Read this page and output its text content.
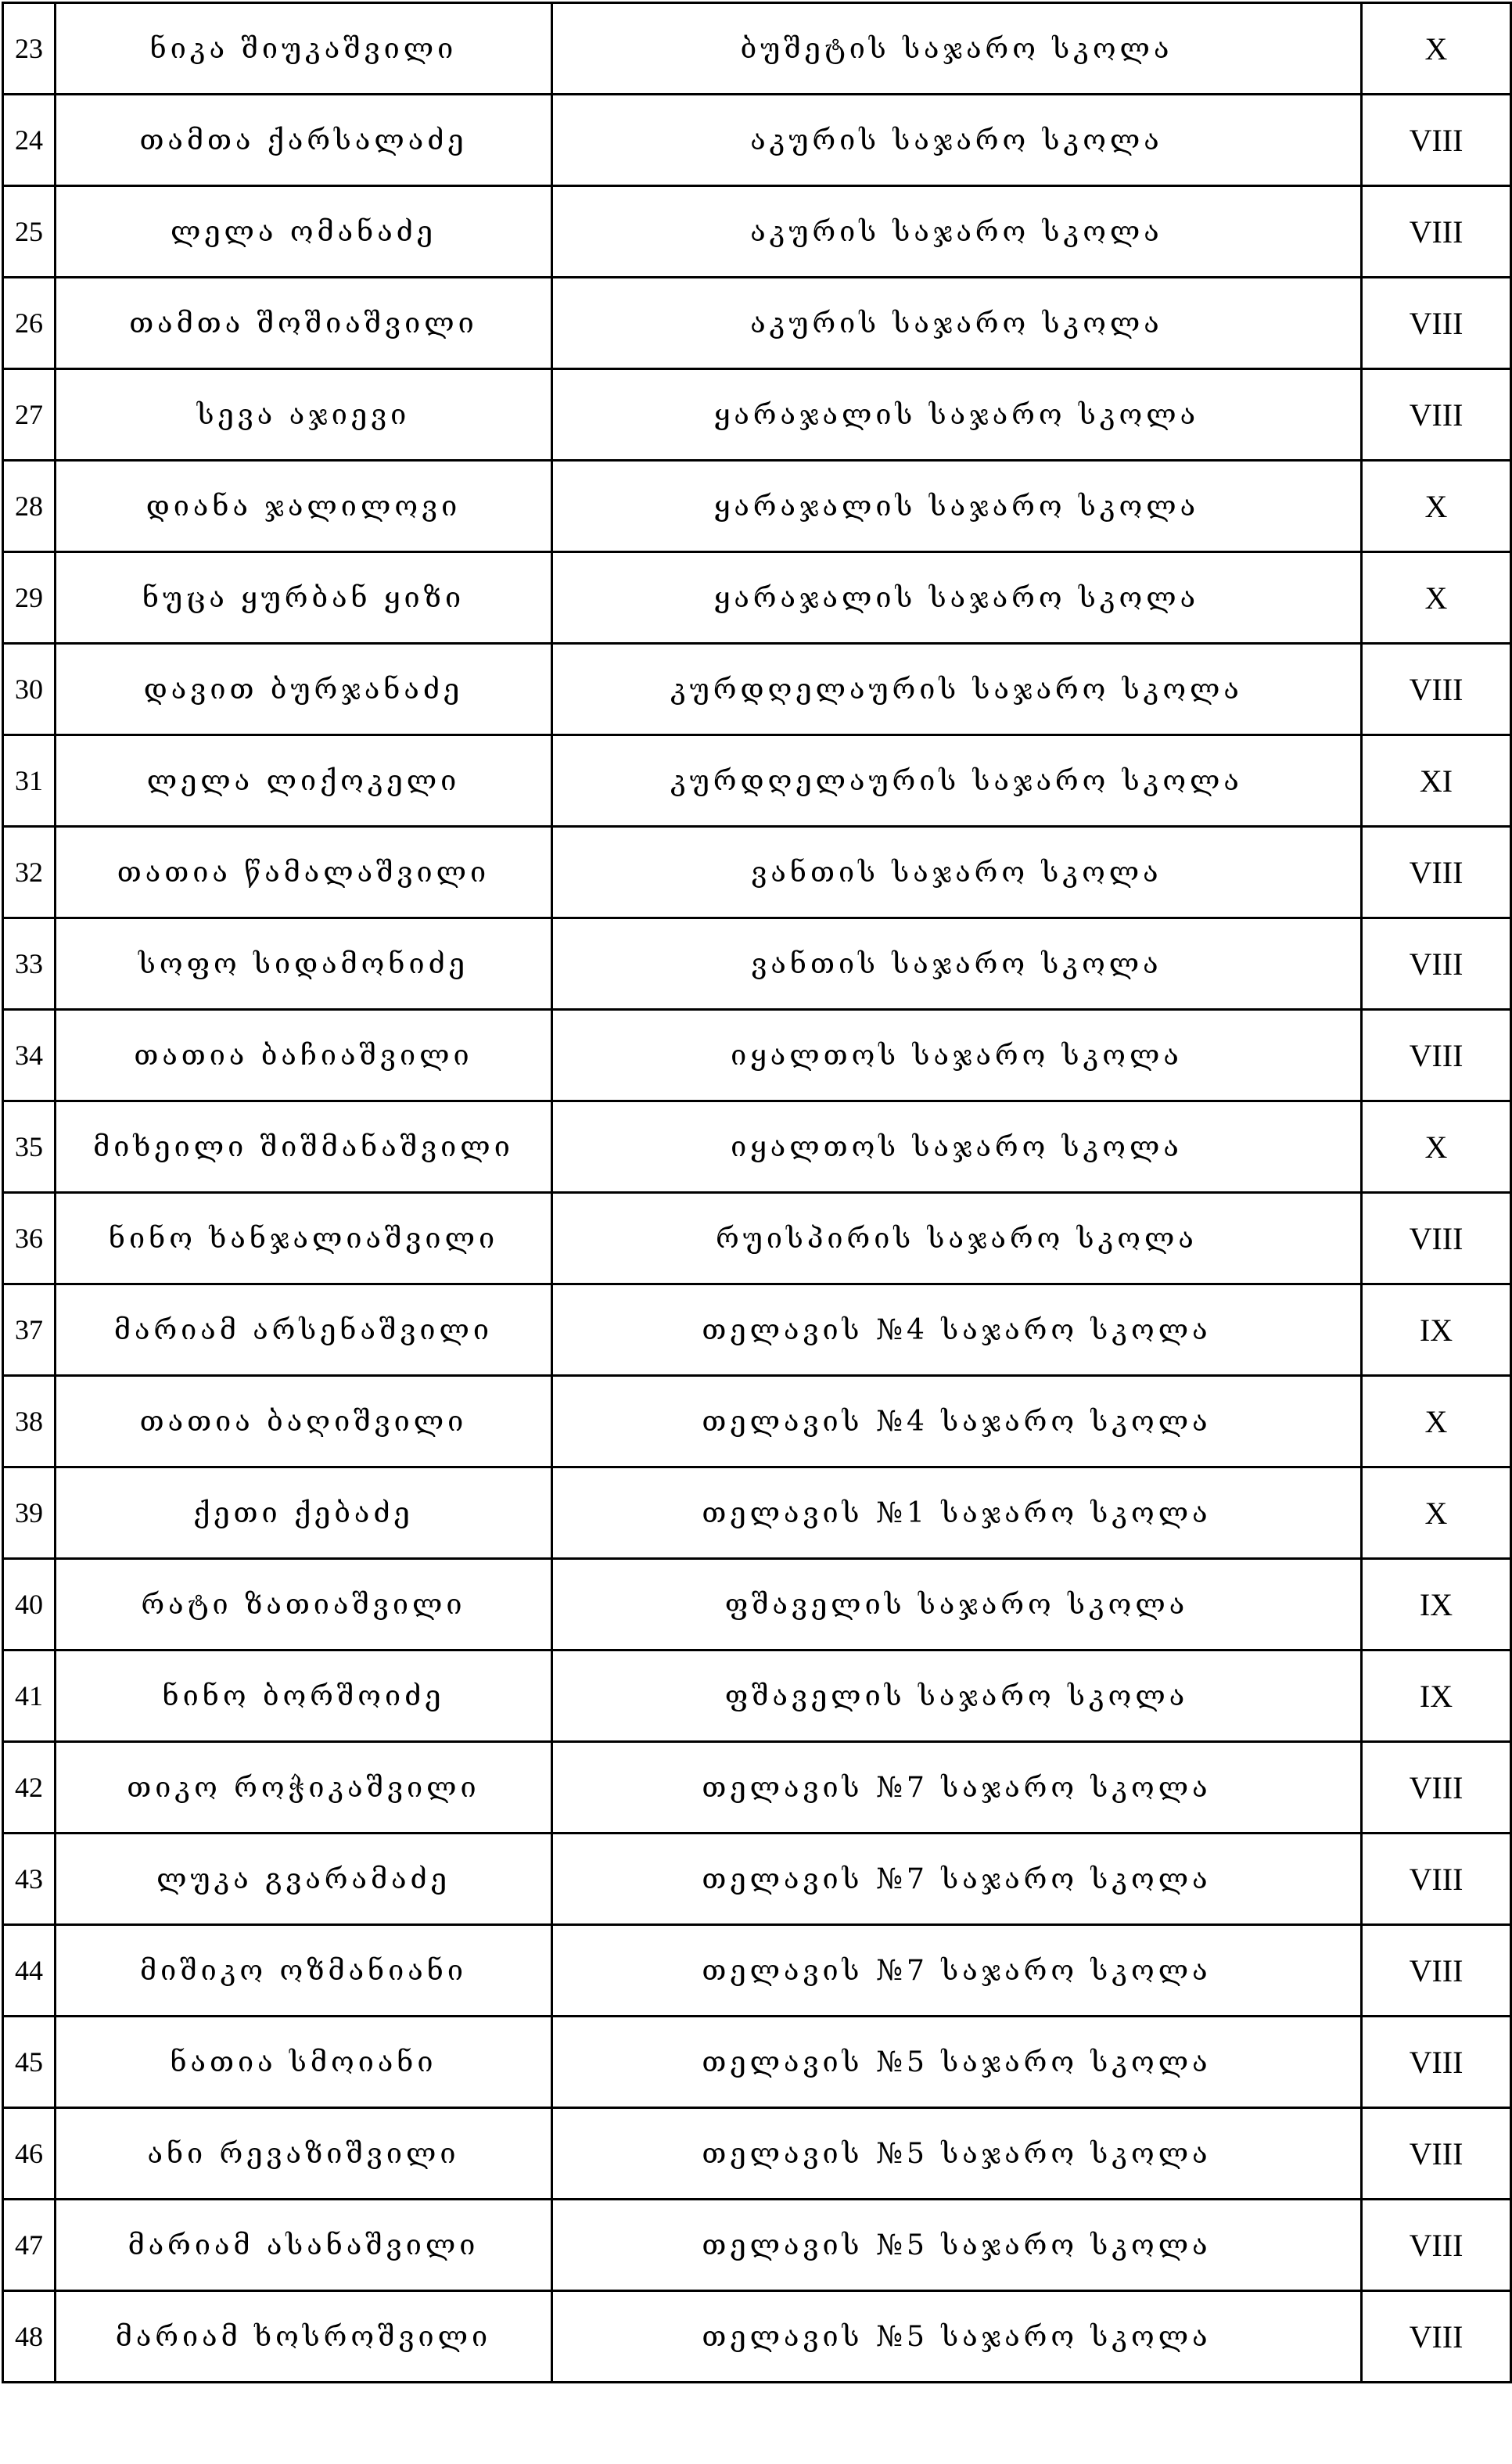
23	ნიკა შიუკაშვილი	ბუშეტის საჯარო სკოლა	X
24	თამთა ქარსალაძე	აკურის საჯარო სკოლა	VIII
25	ლელა ომანაძე	აკურის საჯარო სკოლა	VIII
26	თამთა შოშიაშვილი	აკურის საჯარო სკოლა	VIII
27	სევა აჯიევი	ყარაჯალის საჯარო სკოლა	VIII
28	დიანა ჯალილოვი	ყარაჯალის საჯარო სკოლა	X
29	ნუცა ყურბან ყიზი	ყარაჯალის საჯარო სკოლა	X
30	დავით ბურჯანაძე	კურდღელაურის საჯარო სკოლა	VIII
31	ლელა ლიქოკელი	კურდღელაურის საჯარო სკოლა	XI
32	თათია წამალაშვილი	ვანთის საჯარო სკოლა	VIII
33	სოფო სიდამონიძე	ვანთის საჯარო სკოლა	VIII
34	თათია ბაჩიაშვილი	იყალთოს საჯარო სკოლა	VIII
35	მიხეილი შიშმანაშვილი	იყალთოს საჯარო სკოლა	X
36	ნინო ხანჯალიაშვილი	რუისპირის საჯარო სკოლა	VIII
37	მარიამ არსენაშვილი	თელავის №4 საჯარო სკოლა	IX
38	თათია ბაღიშვილი	თელავის №4 საჯარო სკოლა	X
39	ქეთი ქებაძე	თელავის №1 საჯარო სკოლა	X
40	რატი ზათიაშვილი	ფშაველის საჯარო სკოლა	IX
41	ნინო ბორშოიძე	ფშაველის საჯარო სკოლა	IX
42	თიკო როჭიკაშვილი	თელავის №7 საჯარო სკოლა	VIII
43	ლუკა გვარამაძე	თელავის №7 საჯარო სკოლა	VIII
44	მიშიკო ოზმანიანი	თელავის №7 საჯარო სკოლა	VIII
45	ნათია სმოიანი	თელავის №5 საჯარო სკოლა	VIII
46	ანი რევაზიშვილი	თელავის №5 საჯარო სკოლა	VIII
47	მარიამ ასანაშვილი	თელავის №5 საჯარო სკოლა	VIII
48	მარიამ ხოსროშვილი	თელავის №5 საჯარო სკოლა	VIII
